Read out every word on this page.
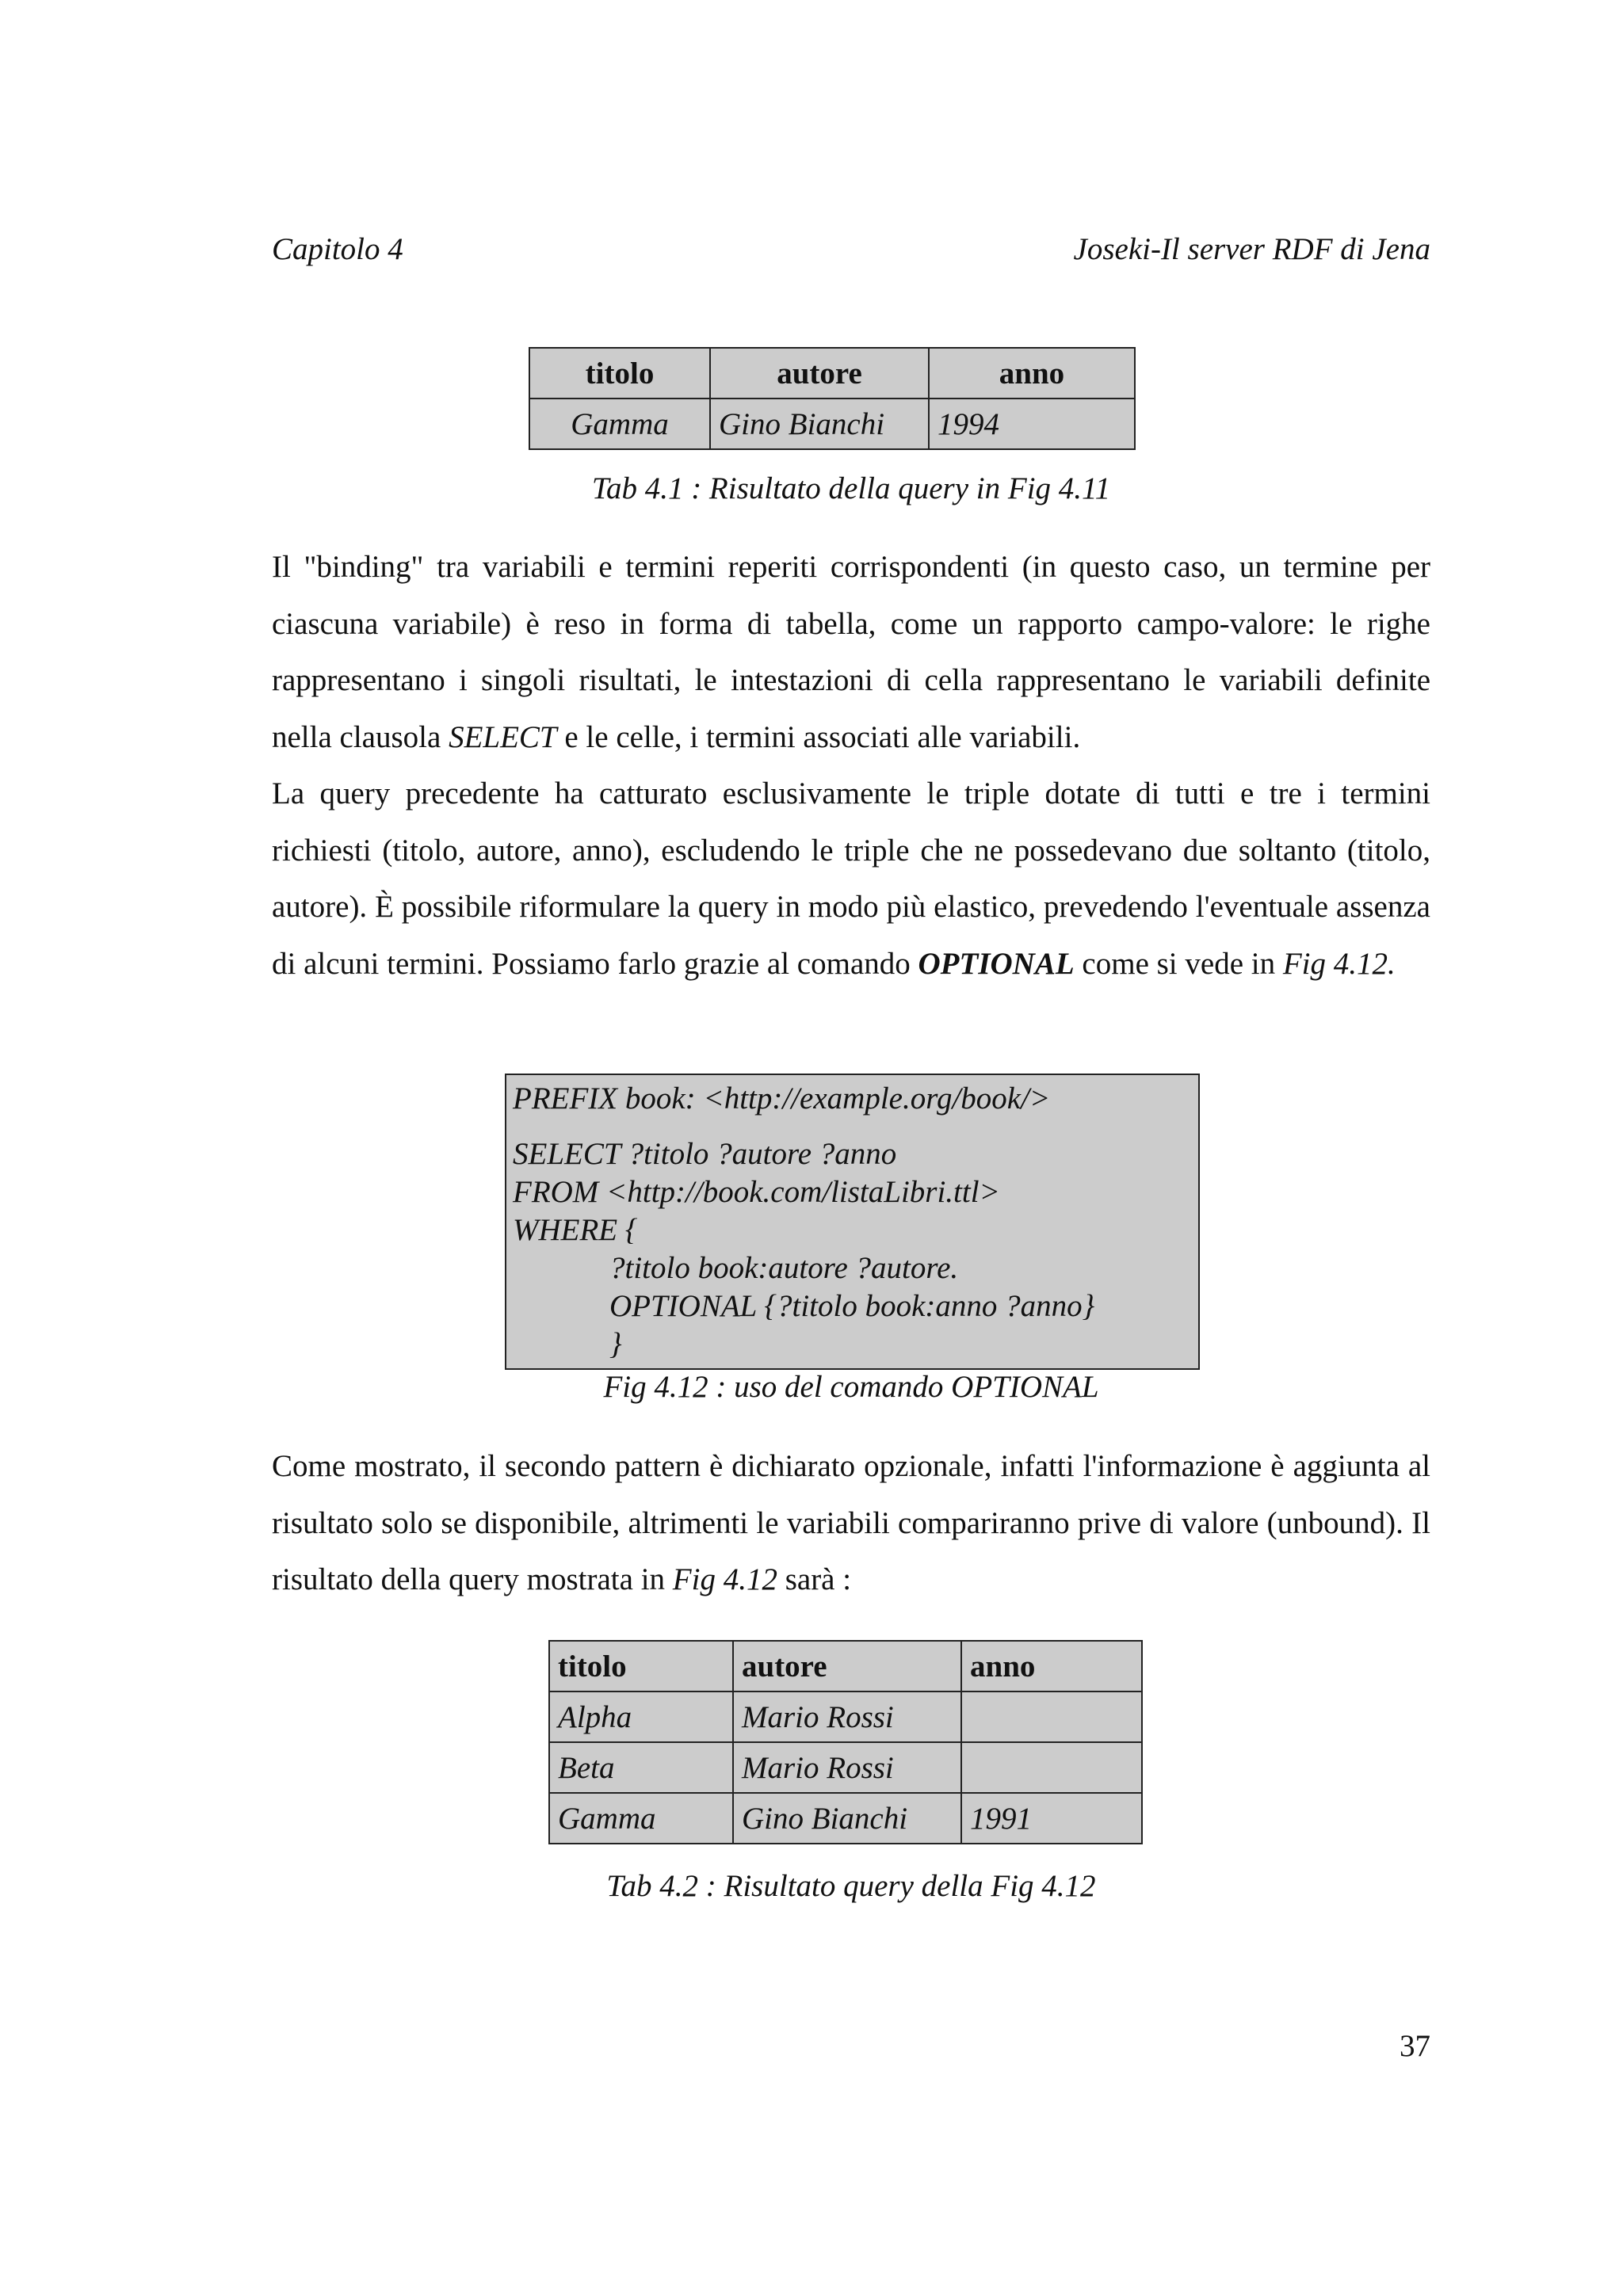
Capitolo 4	Joseki-Il server RDF di Jena
titolo	autore	anno
Gamma	Gino Bianchi	1994
Tab 4.1 : Risultato della query in Fig 4.11

Il "binding" tra variabili e termini reperiti corrispondenti (in questo caso, un termine per ciascuna variabile) è reso in forma di tabella, come un rapporto campo-valore: le righe rappresentano i singoli risultati, le intestazioni di cella rappresentano le variabili definite nella clausola SELECT e le celle, i termini associati alle variabili.

La query precedente ha catturato esclusivamente le triple dotate di tutti e tre i termini richiesti (titolo, autore, anno), escludendo le triple che ne possedevano due soltanto (titolo, autore). È possibile riformulare la query in modo più elastico, prevedendo l'eventuale assenza di alcuni termini. Possiamo farlo grazie al comando OPTIONAL come si vede in Fig 4.12.

PREFIX book: <http://example.org/book/>
SELECT ?titolo ?autore ?anno
FROM <http://book.com/listaLibri.ttl>
WHERE {
?titolo book:autore ?autore.
OPTIONAL {?titolo book:anno ?anno}
}
Fig 4.12 : uso del comando OPTIONAL

Come mostrato, il secondo pattern è dichiarato opzionale, infatti l'informazione è aggiunta al risultato solo se disponibile, altrimenti le variabili compariranno prive di valore (unbound). Il risultato della query mostrata in Fig 4.12 sarà :

titolo	autore	anno
Alpha	Mario Rossi	
Beta	Mario Rossi	
Gamma	Gino Bianchi	1991
Tab 4.2 : Risultato query della Fig 4.12
37
